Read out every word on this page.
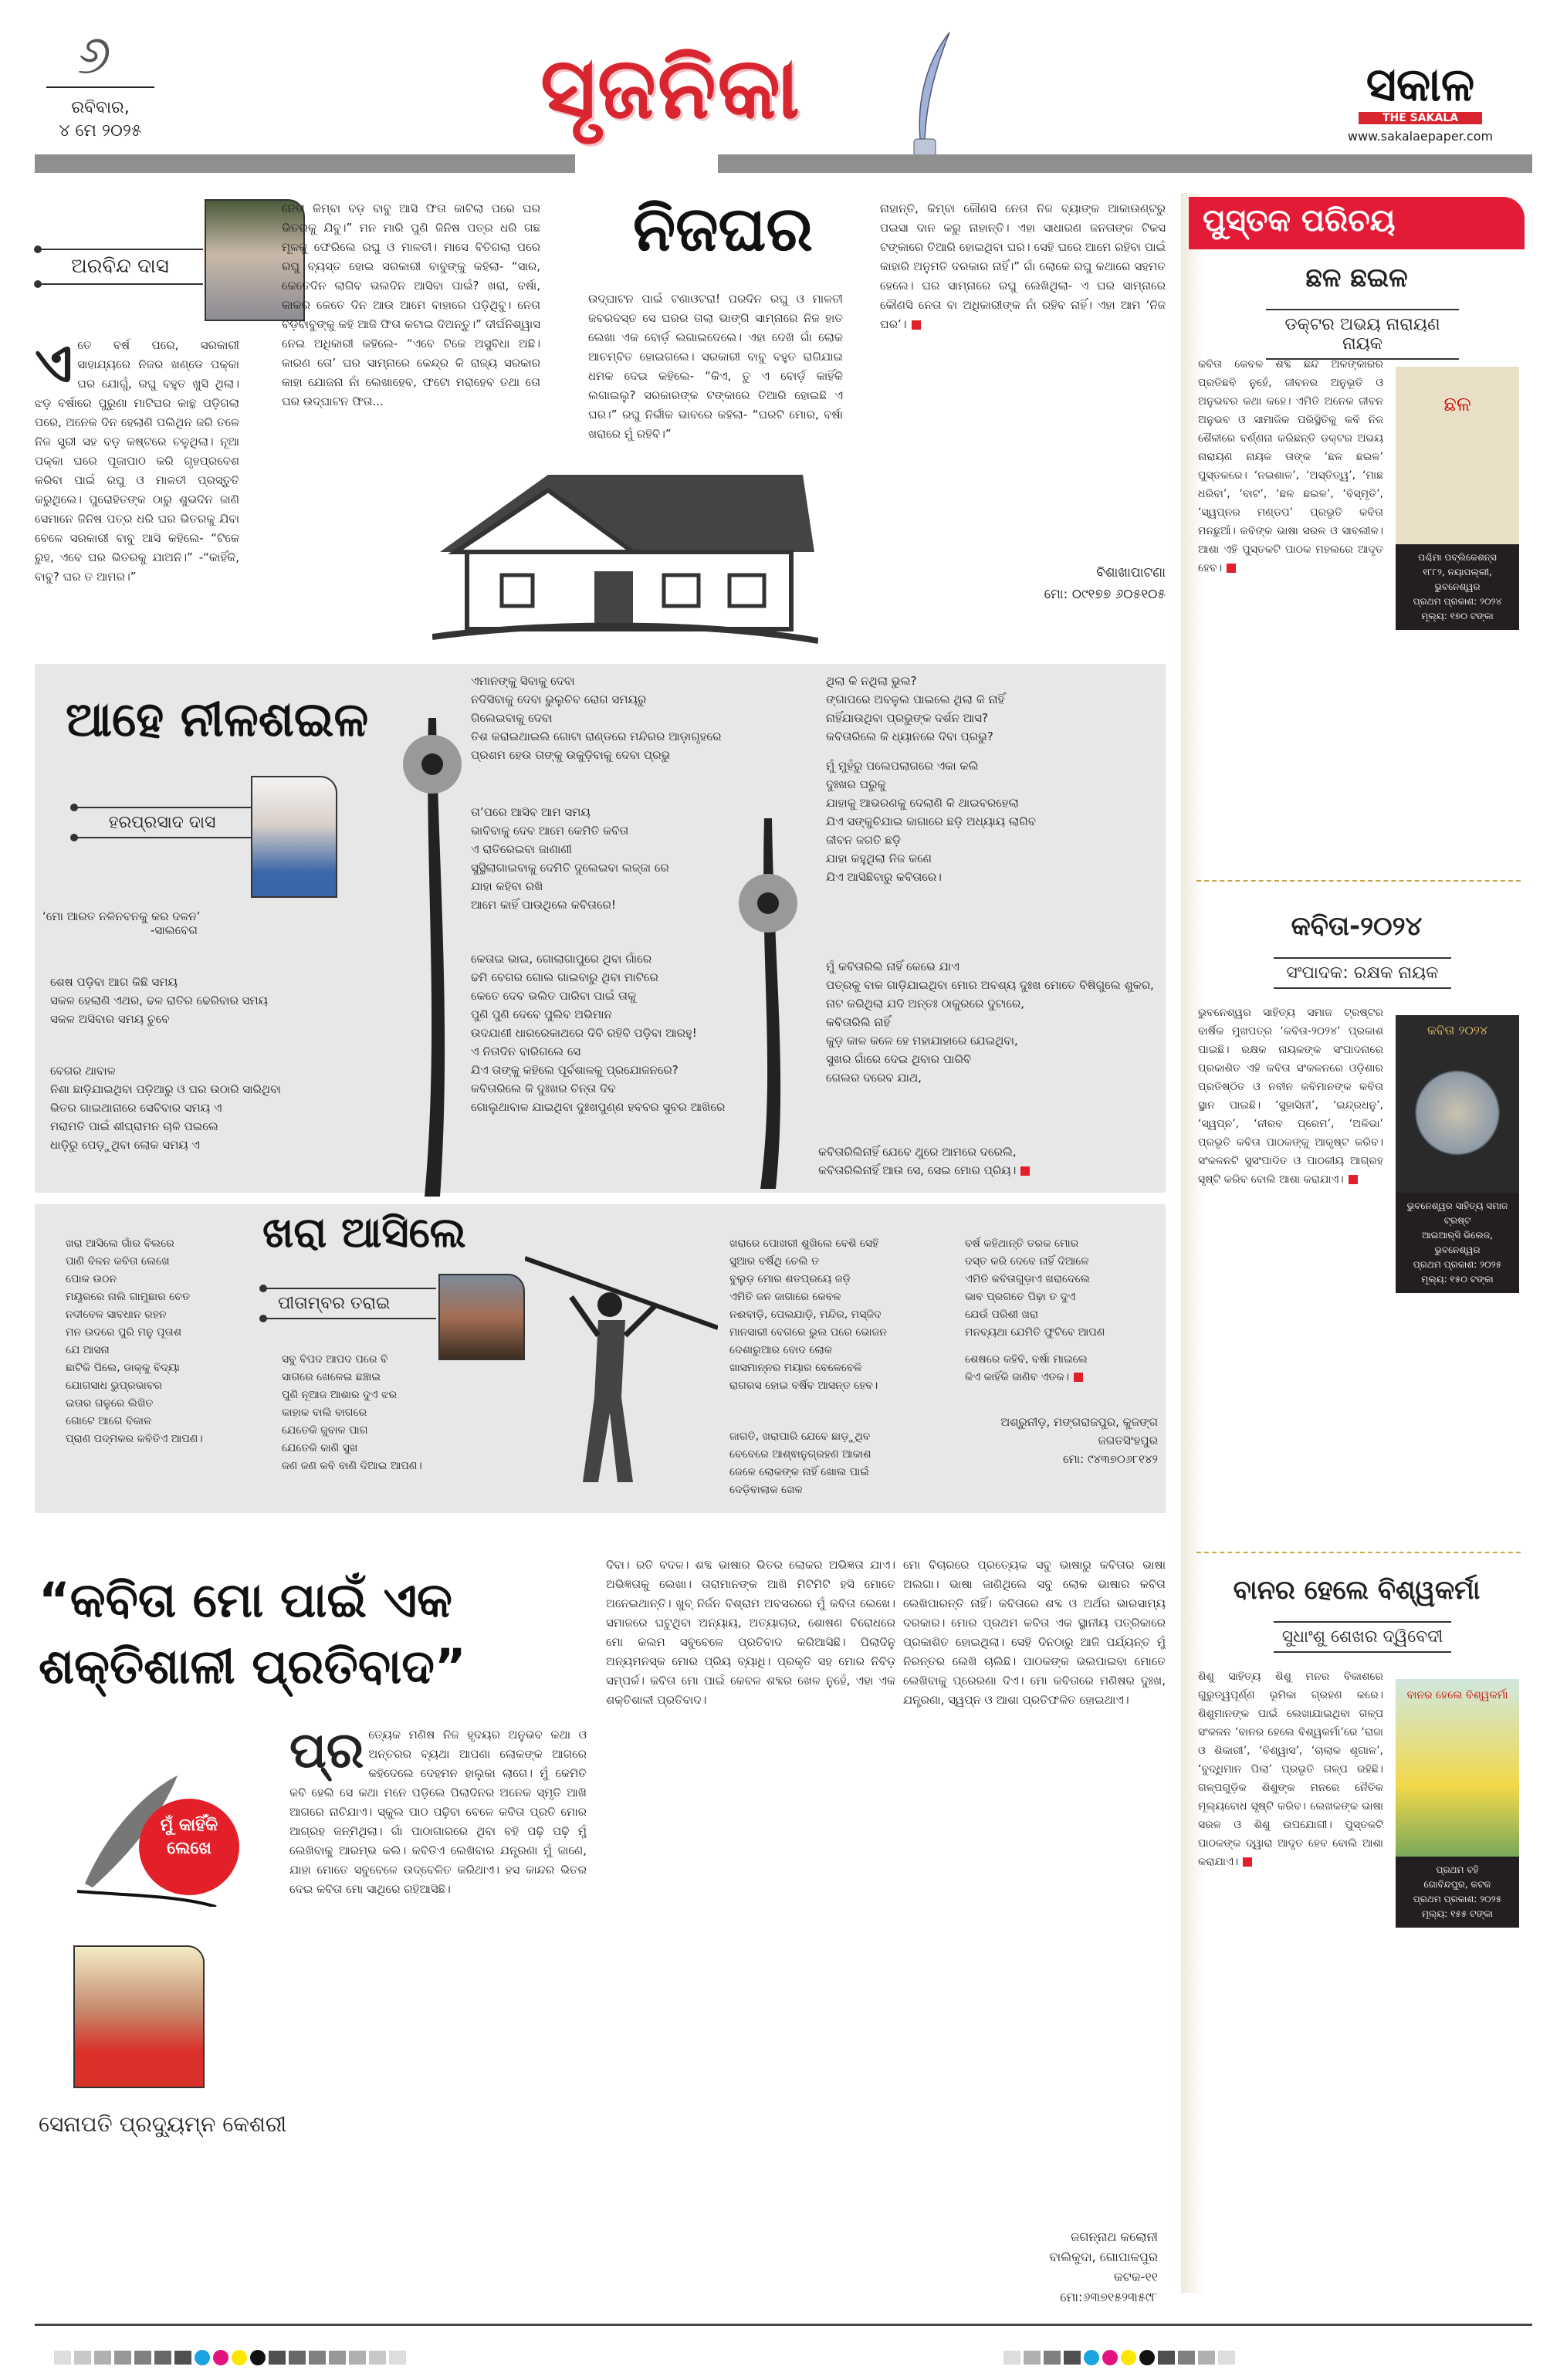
୬
ରବିବାର,
୪ ମେ ୨୦୨୫	ସୃଜନିକା	ସକାଳ
THE SAKALA
www.sakalaepaper.com
ଅରବିନ୍ଦ ଦାସ
ନିଜଘର
ଏ ତେ ବର୍ଷ ପରେ, ସରକାରୀ ସାହାଯ୍ୟରେ ନିଜର ଖଣ୍ଡେ ପକ୍କା ଘର ଯୋଗୁଁ, ରଘୁ ବହୁତ ଖୁସି ଥିଲା। ଝଡ଼ ବର୍ଷାରେ ପୁରୁଣା ମାଟିଘର କାନ୍ଥ ପଡ଼ିଗଲା ପରେ, ଅନେକ ଦିନ ହେଲାଣି ପଲିଥିନ ଜରି ତଳେ ନିଜ ସ୍ତ୍ରୀ ସହ ବଡ଼ କଷ୍ଟରେ ଚଳୁଥିଲା। ନୂଆ ପକ୍କା ଘରେ ପୂଜାପାଠ କରି ଗୃହପ୍ରବେଶ କରିବା ପାଇଁ ରଘୁ ଓ ମାଳତୀ ପ୍ରସ୍ତୁତି କରୁଥିଲେ। ପୁରୋହିତଙ୍କ ଠାରୁ ଶୁଭଦିନ ଜାଣି ସେମାନେ ଜିନିଷ ପତ୍ର ଧରି ଘର ଭିତରକୁ ଯିବା ବେଳେ ସରକାରୀ ବାବୁ ଆସି କହିଲେ- “ଟିକେ ରୁହ, ଏବେ ଘର ଭିତରକୁ ଯାଅନି।” -“କାହିଁକି, ବାବୁ? ଘର ତ ଆମର।”
ନେତା କିମ୍ବା ବଡ଼ ବାବୁ ଆସି ଫିତା କାଟିଲା ପରେ ଘର ଭିତରକୁ ଯିବୁ।” ମନ ମାରି ପୁଣି ଜିନିଷ ପତ୍ର ଧରି ଗଛ ମୂଳକୁ ଫେରିଲେ ରଘୁ ଓ ମାଳତୀ। ମାସେ ବିତିଗଲା ପରେ ରଘୁ ବ୍ୟସ୍ତ ହୋଇ ସରକାରୀ ବାବୁଙ୍କୁ କହିଲା- “ସାର, କେତେଦିନ ଲାଗିବ ଭଲଦିନ ଆସିବା ପାଇଁ? ଖରା, ବର୍ଷା, କାକର କେତେ ଦିନ ଆଉ ଆମେ ବାହାରେ ପଡ଼ିଥିବୁ। ନେତା ବଡ଼ବାବୁଙ୍କୁ କହି ଆଜି ଫିତା କଟାଇ ଦିଅନ୍ତୁ।” ଦୀର୍ଘନିଶ୍ୱାସ ନେଇ ଅଧିକାରୀ କହିଲେ- “ଏବେ ଟିକେ ଅସୁବିଧା ଅଛି। କାରଣ ତୋ’ ଘର ସାମ୍ନାରେ କେନ୍ଦ୍ର କି ରାଜ୍ୟ ସରକାର କାହା ଯୋଜନା ନାଁ ଲେଖାହେବ, ଫଟୋ ମରାହେବ ତଥା ତୋ ଘର ଉଦ୍‌ଘାଟନ ଫିତା...
ଉଦ୍‌ଘାଟନ ପାଇଁ ଟଣାଓଟରା! ପରଦିନ ରଘୁ ଓ ମାଳତୀ ଜବରଦସ୍ତ ସେ ଘରର ତାଲା ଭାଙ୍ଗି ସାମ୍ନାରେ ନିଜ ହାତ ଲେଖା ଏକ ବୋର୍ଡ଼ ଲଗାଇଦେଲେ। ଏହା ଦେଖି ଗାଁ ଲୋକ ଆଚମ୍ବିତ ହୋଇଗଲେ। ସରକାରୀ ବାବୁ ବହୁତ ରାଗିଯାଇ ଧମକ ଦେଇ କହିଲେ- “କିଏ, ତୁ ଏ ବୋର୍ଡ଼ କାହିଁକି ଲଗାଇଲୁ? ସରକାରଙ୍କ ଟଙ୍କାରେ ତିଆରି ହୋଇଛି ଏ ଘର।” ରଘୁ ନିର୍ଭୀକ ଭାବରେ କହିଲା- “ଘରଟି ମୋର, ବର୍ଷା ଖରାରେ ମୁଁ ରହିବି।”
ନାହାନ୍ତି, କିମ୍ବା କୌଣସି ନେତା ନିଜ ବ୍ୟାଙ୍କ ଆକାଉଣ୍ଟରୁ ପଇସା ଦାନ କରୁ ନାହାନ୍ତି। ଏହା ସାଧାରଣ ଜନତାଙ୍କ ଟିକସ ଟଙ୍କାରେ ତିଆରି ହୋଇଥିବା ଘର। ସେହି ଘରେ ଆମେ ରହିବା ପାଇଁ କାହାରି ଅନୁମତି ଦରକାର ନାହିଁ।” ଗାଁ ଲୋକେ ରଘୁ କଥାରେ ସହମତ ହେଲେ। ଘର ସାମ୍ନାରେ ରଘୁ ଲେଖିଥିଲା- ଏ ଘର ସାମ୍ନାରେ କୌଣସି ନେତା ବା ଅଧିକାରୀଙ୍କ ନାଁ ରହିବ ନାହିଁ। ଏହା ଆମ ‘ନିଜ ଘର’।
ବିଶାଖାପାଟଣା
ମୋ: ୦୯୧୭୭ ୬୦୫୧୦୫
ଆହେ ନୀଳଶଇଳ
ହରପ୍ରସାଦ ଦାସ
‘ମୋ ଆରତ ନଳିନବନକୁ କର ଦଳନ’
-ସାଲବେଗ
ଶେଷ ପଡ଼ିବା ଆଗ କିଛି ସମୟ
ସକଳ ହେଲାଣି ଏଥର, ଢଳ ରାତିର ଢେରିବାର ସମୟ
ସକଳ ଅସିବାର ସମୟ ଚୁବେ
ବେଗର ଥାବାଳ
ନିଶା ଛାଡ଼ିଯାଇଥିବା ପଡ଼ିଆରୁ ଓ ଘର ଉଠାରି ସାରିଥିବା
ଭିତର ଗାଇଥାନାରେ ସେବିବାର ସମୟ ଏ
ମରାମତି ପାଇଁ ଶୀଘ୍ରାମନ ଚାଳି ପଇଲେ
ଧାଡ଼ିରୁ ପେଡ଼ୁଥିବା ଲୋକ ସମୟ ଏ
ଏମାନଙ୍କୁ ସିବାକୁ ଦେବା
ନଦିସିବାକୁ ଦେବା ଭୁଲୁଚିବ ରୋଗ ସମୟରୁ
ଗିଲେଇବାକୁ ଦେବା
ତିଶ କରାଇଥାଇଲି ଗୋଟା ରାଣ୍ଡରେ ମନ୍ଦିରର ଆଡ଼ାଗୃହରେ
ପ୍ରଶମ ହେଉ ତାଙ୍କୁ ଉକୁଡ଼ିବାକୁ ଦେବା ପ୍ରଭୁ
ତା’ପରେ ଆସିବ ଆମ ସମୟ
ଭାବିବାକୁ ଦେବ ଆମେ କେମିତି କବିତା
ଏ ରାତିରେଇବା ଜାଣାଣୀ
ସୁସ୍ଥିଲାଗାଇବାକୁ ଦେମିତି ଦୁଲେଇବା ଲଜ୍ଜା ରେ
ଯାହା କହିବା ରଖି
ଆମେ କାହିଁ ପାଉଥିଲେ କବିତାରେ!
କେତାଇ ଭାଇ, ଗୋଲାଗାପୁରେ ଥିବା ଗାଁରେ
ଢମି ବେଗର ଗୋଲ ଗାଇବାରୁ ଥିବା ମାଟିରେ
କେତେ ଦେବ ଭଲିତ ପାରିବା ପାଇଁ ତାକୁ
ପୁଣି ପୁଣି ଦେବେ ପୁଲିବ ଅଭିମାନ
ଉଦଯାଣୀ ଧାରରେକାଥରେ ଦିବି ରହିବି ପଡ଼ିବା ଆରହୁ!
ଏ ନିତାଦିନ ବାରିଗଲେ ସେ
ଯିଏ ତାଙ୍କୁ କହିଲେ ପୂର୍ବଶାଳକୁ ପ୍ରଯୋଜନରେ?
କବିତାରିଲେ କି ଦୁଃଖର ଚିନ୍ତା ଦିବ
ଗୋଲୁଥାବାଳ ଯାଇଥିବା ଦୁଃଖପୁଣ୍ଣ ହବବର ସୁବର ଆଖିରେ
ଥିଲା କି ନଥିଲା ଭୁଲ?
ଙ୍ଗାପରେ ଅବଳୁଲ ପାଇଲେ ଥିଲା କି ନାହିଁ
ନାହିଁଯାଉଥିବା ପ୍ରଭୁଙ୍କ ଦର୍ଶନ ଆସ?
କବିତାରିଲେ କି ଧ୍ୟାନରେ ଦିବା ପ୍ରଭୁ?
ମୁଁ ମୁହଁରୁ ପଲେପଲାଗରେ ଏକା କଲି
ଦୁଃଖର ଘରୁକୁ
ଯାହାକୁ ଆଭରଣକୁ ଦେଲାଣି କି ଥାଇବରହେଲା
ଯିଏ ସଙ୍କୁଚିଯାଇ ଜାଗାରେ ଛଡ଼ି ଅଧ୍ୟାୟ ଲାଗିବ
ଜୀବନ ଜଗତି ଛଡ଼ି
ଯାହା କହୁଥିଲା ନିଜ କଣେ
ଯିଏ ଆସିଛିବାରୁ କବିତାରେ।
ମୁଁ କବିତାରିଲି ନାହିଁ କେଭେ ଯାଏ
ପତ୍ରକୁ ବାକ ଗାଡ଼ିଯାଇଥିବା ମୋର ଅବଶ୍ୟ ଦୁଃଖ ମୋତେ ବିଷିଗୁଲେ ଶୁକର,
ନାଟ କରିଥିଲା ଯଦି ଅନ୍ତଃ ଠାକୁରରେ ଦୁଟାରେ,
କବିତାରିଲି ନାହିଁ
କୁଡ଼ କାଳ କଳେ ହେ ମହାଯାହାରେ ଯେଇଥିବା,
ସୁଖର ଗାଁରେ ଦେଇ ଥିବାର ପାରିବି
ଗେଲର ଦରେବ ଯାଥ,
କବିତାରିଲିନାହିଁ ଯେବେ ଥୁରେ ଆମରେ ଦରେଲି,
କବିତାରିଲିନାହିଁ ଆଉ ସେ, ସେଇ ମୋର ପ୍ରିୟ।
ଖରା ଆସିଲେ
ପୀତାମ୍ବର ତରାଇ
ଖରା ଆସିଲେ ଗାଁର ବିଲରେ
ପାଣି ବିଳନ କବିତା ଲେଖେ
ପୋକ ଉଠନ
ମୟୂରରେ ନାଲି ଗାମୁଛାର ଚେତ
ନଦୀବେଳ ସାବଧାନ ରହନ
ମନ ଉଦରେ ପୁରି ମନୁ ପୂତାଶ
ଯେ ଆସନା
ଛାଟିକି ପିଲେ, ଡାକ୍କୁ ବିଦ୍ୟା
ଯୋଗସାଧ ଭୁପ୍ରଭାବର
ଇତାର ଗଳୁରେ ଲିଖିତ
ଗୋଟେ ଆଗେ ବିକାଳ
ପ୍ରାଣ ପଦ୍ମକର କବିତିଏ ଆପଣ।
ସବୁ ବିପଦ ଆପଦ ପରେ ବି
ସାଗରେ ଖେଳେଇ ଛଞ୍ଚାଇ
ପୁଣି ନୂଆଜ ଆଶାର ଦୁଏ ଝର
କାହାକ ବାଲି ବାଗରେ
ଯେତେକି ଜୁବାଳ ପାଗ
ଯେତେକି କାଣି ସୁଖ
ଜଣ ଜଣ କବି ବାଣି ଦିଆଇ ଆପଣ।
ଖରାରେ ପୋଖରୀ ଶୁଖିଲେ ବେଶି ସେହି
ସୁଆର ବର୍ଷିଥି ଚେଲି ତ
ବୁଲୁଡ଼ ମୋର ଶତପ୍ରୟେ ଜଡ଼ି
ଏମିତି ଜନ ଜାଗାରେ କେବଳ
ନଈବାଡ଼ି, ପେଲଯାଡ଼ି, ମନ୍ଦିର, ମସ୍ଜିଦ
ମାନସାରୀ ବେଗରେ ଭୁଲ ପରେ ଭୋଜନ
ଦେଶାରୁଆର ବୋଦ ଲୋକ
ଖାସମାନ୍ନର ମୟାର ବେଳେବେଳି
ରାଗରସ ହୋଇ ବର୍ଷିବ ଆସନ୍ତ ହେବ।
ଜାଗତି, ଖରାପାରି ଯେବେ ଛାଡ଼ୁଥିବ
ବେବେରେ ଆଶ୍ଵାନୁଗ୍ରହଣ ଆକାଶ
ଜେଳେ ଲୋକଙ୍କ ନାହିଁ ଖୋଲ ପାଇଁ
ଦେଡ଼ିବାଲାକ ଖେଳ
ବର୍ଷ କହିଥାନ୍ତି ତରକ ମୋର
ଦସ୍ତ କରି ଦେବେ ନାହିଁ ଦିଆଳେ
ଏମିତି କବିତାଗୁଡ଼ାଏ ଖରାଦେଲେ
ଭାବ ପ୍ରଗତେ ପିଢ଼ା ତ ଦୁଏ
ଯେଉଁ ପରିଶୀ ଖରା
ମନବ୍ୟଥା ଯେମିତି ଫୁଟିବେ ଆପଣ
ଶେଷରେ କହିବି, ବର୍ଷା ମାଇଲେ
କିଏ କାହିଁକି ଜାଣିବ ଏତକ।
ଅଶ୍ରୁନୀଡ଼, ମଙ୍ଗରାଜପୁର, କୁଜଙ୍ଗ
ଜଗତସିଂହପୁର
ମୋ: ୯୪୩୭୦୬୮୧୪୨
“କବିତା ମୋ ପାଇଁ ଏକ ଶକ୍ତିଶାଳୀ ପ୍ରତିବାଦ”
ମୁଁ କାହିଁକି ଲେଖେ
ସେନାପତି ପ୍ରଦ୍ୟୁମ୍ନ କେଶରୀ
ପ୍ର ତ୍ୟେକ ମଣିଷ ନିଜ ହୃଦୟର ଅନୁଭବ କଥା ଓ ଅନ୍ତରର ବ୍ୟଥା ଆପଣା ଲୋକଙ୍କ ଆଗରେ କହିଦେଲେ ଦେହମନ ହାଲୁକା ଲାଗେ। ମୁଁ କେମିତି କବି ହେଲି ସେ କଥା ମନେ ପଡ଼ିଲେ ପିଲାଦିନର ଅନେକ ସ୍ମୃତି ଆଖି ଆଗରେ ନାଚିଯାଏ। ସ୍କୁଲ ପାଠ ପଢ଼ିବା ବେଳେ କବିତା ପ୍ରତି ମୋର ଆଗ୍ରହ ଜନ୍ମିଥିଲା। ଗାଁ ପାଠାଗାରରେ ଥିବା ବହି ପଢ଼ି ପଢ଼ି ମୁଁ ଲେଖିବାକୁ ଆରମ୍ଭ କଲି। କବିତିଏ ଲେଖିବାର ଯନ୍ତ୍ରଣା ମୁଁ ଜାଣେ, ଯାହା ମୋତେ ସବୁବେଳେ ଉଦ୍‌ବେଳିତ କରିଥାଏ। ହସ କାନ୍ଦର ଭିତର ଦେଇ କବିତା ମୋ ସାଥିରେ ରହିଆସିଛି।
ଦିବା। ରତି ବଦଳ। ଶବ୍ଦ ଭାଷାର ଭିତର ଲୋକର ଅଭିଜ୍ଞତା ଯାଏ। ଅଭିଜ୍ଞତାକୁ ଲେଖା। ତାରାମାନଙ୍କ ଆଖି ମିଟିମିଟି ହସି ମୋତେ ଅନେଇଥାନ୍ତି। ଖୁବ୍ ନିର୍ଜନ ବିଶ୍ରାମ ଅବସରରେ ମୁଁ କବିତା ଲେଖେ। ସମାଜରେ ଘଟୁଥିବା ଅନ୍ୟାୟ, ଅତ୍ୟାଚାର, ଶୋଷଣ ବିରୋଧରେ ମୋ କଲମ ସବୁବେଳେ ପ୍ରତିବାଦ କରିଆସିଛି। ପିଲାଦିନୁ ଅନ୍ୟମନସ୍କ ମୋର ପ୍ରିୟ ବ୍ୟାଧି। ପ୍ରକୃତି ସହ ମୋର ନିବିଡ଼ ସମ୍ପର୍କ। କବିତା ମୋ ପାଇଁ କେବଳ ଶବ୍ଦର ଖେଳ ନୁହେଁ, ଏହା ଏକ ଶକ୍ତିଶାଳୀ ପ୍ରତିବାଦ।
ମୋ ବିଚାରରେ ପ୍ରତ୍ୟେକ ସବୁ ଭାଷାରୁ କବିତାର ଭାଷା ଅଲଗା। ଭାଷା ଜାଣିଥିଲେ ସବୁ ଲୋକ ଭାଷାର କବିତା ଲେଖିପାରନ୍ତି ନାହିଁ। କବିତାରେ ଶବ୍ଦ ଓ ଅର୍ଥର ଭାରସାମ୍ୟ ଦରକାର। ମୋର ପ୍ରଥମ କବିତା ଏକ ସ୍ଥାନୀୟ ପତ୍ରିକାରେ ପ୍ରକାଶିତ ହୋଇଥିଲା। ସେହି ଦିନଠାରୁ ଆଜି ପର୍ଯ୍ୟନ୍ତ ମୁଁ ନିରନ୍ତର ଲେଖି ଚାଲିଛି। ପାଠକଙ୍କ ଭଲପାଇବା ମୋତେ ଲେଖିବାକୁ ପ୍ରେରଣା ଦିଏ। ମୋ କବିତାରେ ମଣିଷର ଦୁଃଖ, ଯନ୍ତ୍ରଣା, ସ୍ୱପ୍ନ ଓ ଆଶା ପ୍ରତିଫଳିତ ହୋଇଥାଏ।
ଜଗନ୍ନାଥ କଲୋନୀ
ବାଲିକୁଦା, ଗୋପାଳପୁର
କଟକ-୧୧
ମୋ:୬୩୭୧୫୨୩୫୯୮
ପୁସ୍ତକ ପରିଚୟ
ଛଳ ଛଇଳ
ଡକ୍ଟର ଅଭୟ ନାରାୟଣ ନାୟକ
କବିତା କେବଳ ଶବ୍ଦ ଛନ୍ଦ ଅଳଙ୍କାରର ପ୍ରତିଛବି ନୁହେଁ, ଜୀବନର ଅନୁଭୂତି ଓ ଅନୁଭବର କଥା କହେ। ଏମିତି ଅନେକ ଜୀବନ ଅନୁଭବ ଓ ସାମାଜିକ ପରିସ୍ଥିତିକୁ କବି ନିଜ ଶୈଳୀରେ ବର୍ଣ୍ଣନା କରିଛନ୍ତି ଡକ୍ଟର ଅଭୟ ନାରାୟଣ ନାୟକ ତାଙ୍କ ‘ଛଳ ଛଇଳ’ ପୁସ୍ତକରେ। ‘ନଇଶାଳ’, ‘ଅସ୍ତିତ୍ୱ’, ‘ମାଛ ଧରିବା’, ‘ବାଟ’, ‘ଛଳ ଛଇଳ’, ‘ବିସ୍ମୃତି’, ‘ସ୍ୱପ୍ନର ମଣ୍ଡପ’ ପ୍ରଭୃତି କବିତା ମନଛୁଆଁ। କବିଙ୍କ ଭାଷା ସରଳ ଓ ସାବଲୀଳ। ଆଶା ଏହି ପୁସ୍ତକଟି ପାଠକ ମହଲରେ ଆଦୃତ ହେବ।
ଛଳ
ପଶ୍ଚିମା ପବ୍ଲିକେଶନ୍ସ
୧୮୮୨, ନୟାପଲ୍ଲୀ,
ଭୁବନେଶ୍ୱର
ପ୍ରଥମ ପ୍ରକାଶ: ୨୦୨୪
ମୂଲ୍ୟ: ୧୭୦ ଟଙ୍କା
କବିତା-୨୦୨୪
ସଂପାଦକ: ରକ୍ଷକ ନାୟକ
ଭୁବନେଶ୍ୱର ସାହିତ୍ୟ ସମାଜ ଟ୍ରଷ୍ଟର ବାର୍ଷିକ ମୁଖପତ୍ର ‘କବିତା-୨୦୨୪’ ପ୍ରକାଶ ପାଇଛି। ରକ୍ଷକ ନାୟକଙ୍କ ସଂପାଦନାରେ ପ୍ରକାଶିତ ଏହି କବିତା ସଂକଳନରେ ଓଡ଼ିଶାର ପ୍ରତିଷ୍ଠିତ ଓ ନବୀନ କବିମାନଙ୍କ କବିତା ସ୍ଥାନ ପାଇଛି। ‘ସୁହାସିନୀ’, ‘ଇନ୍ଦ୍ରଧନୁ’, ‘ସ୍ୱପ୍ନ’, ‘ନୀରବ ପ୍ରେମ’, ‘ଅଳିଭା’ ପ୍ରଭୃତି କବିତା ପାଠକଙ୍କୁ ଆକୃଷ୍ଟ କରିବ। ସଂକଳନଟି ସୁସଂପାଦିତ ଓ ପାଠକୀୟ ଆଗ୍ରହ ସୃଷ୍ଟି କରିବ ବୋଲି ଆଶା କରାଯାଏ।
କବିତା ୨୦୨୪
ଭୁବନେଶ୍ୱର ସାହିତ୍ୟ ସମାଜ ଟ୍ରଷ୍ଟ
ଆଇଆର୍‌ସି ଭିଲେଜ,
ଭୁବନେଶ୍ୱର
ପ୍ରଥମ ପ୍ରକାଶ: ୨୦୨୫
ମୂଲ୍ୟ: ୧୫୦ ଟଙ୍କା
ବାନର ହେଲେ ବିଶ୍ୱକର୍ମା
ସୁଧାଂଶୁ ଶେଖର ଦ୍ୱିବେଦୀ
ଶିଶୁ ସାହିତ୍ୟ ଶିଶୁ ମନର ବିକାଶରେ ଗୁରୁତ୍ୱପୂର୍ଣ୍ଣ ଭୂମିକା ଗ୍ରହଣ କରେ। ଶିଶୁମାନଙ୍କ ପାଇଁ ଲେଖାଯାଇଥିବା ଗଳ୍ପ ସଂକଳନ ‘ବାନର ହେଲେ ବିଶ୍ୱକର୍ମା’ରେ ‘ରାଜା ଓ ଶିକାରୀ’, ‘ବିଶ୍ୱାସ’, ‘ଚାଲାକ ଶୃଗାଳ’, ‘ବୁଦ୍ଧିମାନ ପିଲା’ ପ୍ରଭୃତି ଗଳ୍ପ ରହିଛି। ଗଳ୍ପଗୁଡ଼ିକ ଶିଶୁଙ୍କ ମନରେ ନୈତିକ ମୂଲ୍ୟବୋଧ ସୃଷ୍ଟି କରିବ। ଲେଖକଙ୍କ ଭାଷା ସରଳ ଓ ଶିଶୁ ଉପଯୋଗୀ। ପୁସ୍ତକଟି ପାଠକଙ୍କ ଦ୍ୱାରା ଆଦୃତ ହେବ ବୋଲି ଆଶା କରାଯାଏ।
ବାନର ହେଲେ ବିଶ୍ୱକର୍ମା
ପ୍ରଥମ ବହି
ଗୋବିନ୍ଦପୁର, କଟକ
ପ୍ରଥମ ପ୍ରକାଶ: ୨୦୨୫
ମୂଲ୍ୟ: ୧୫୫ ଟଙ୍କା
